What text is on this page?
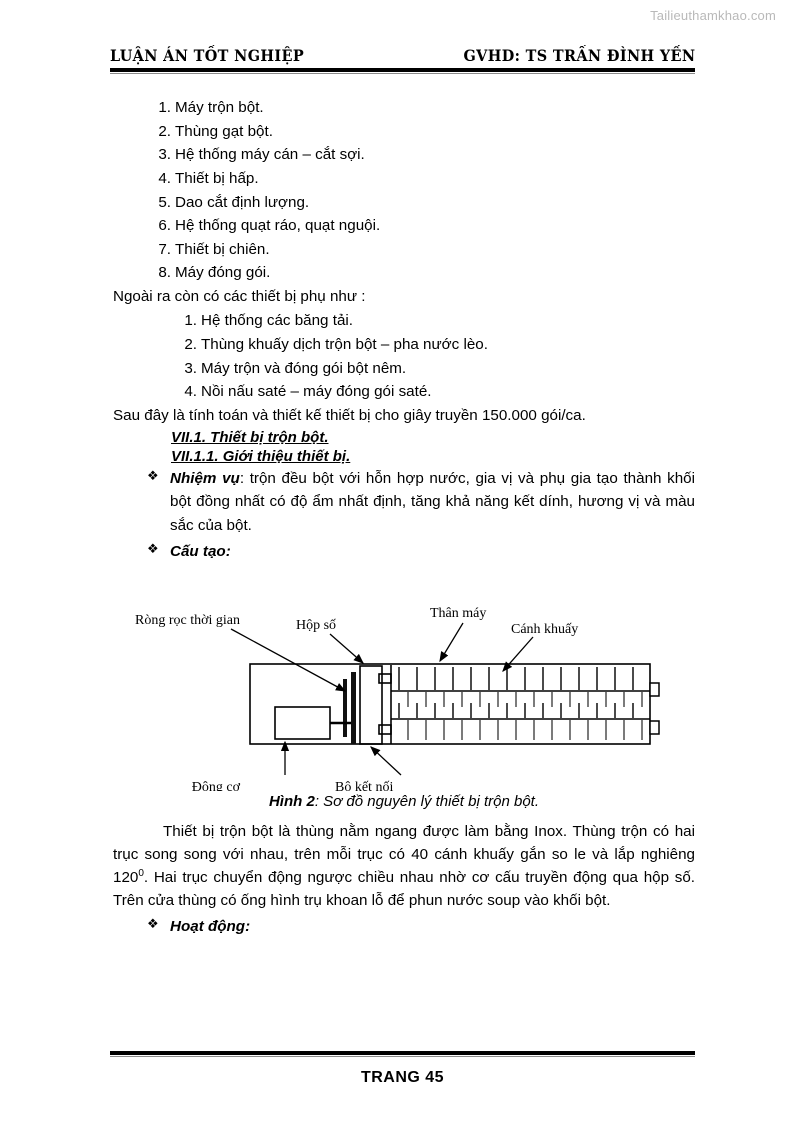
Tailieuthamkhao.com
LUẬN ÁN TỐT NGHIỆP	GVHD: TS TRẦN ĐÌNH YẾN
1. Máy trộn bột.
2. Thùng gạt bột.
3. Hệ thống máy cán – cắt sợi.
4. Thiết bị hấp.
5. Dao cắt định lượng.
6. Hệ thống quạt ráo, quạt nguội.
7. Thiết bị chiên.
8. Máy đóng gói.

Ngoài ra còn có các thiết bị phụ như :

1. Hệ thống các băng tải.
2. Thùng khuấy dịch trộn bột – pha nước lèo.
3. Máy trộn và đóng gói bột nêm.
4. Nồi nấu saté – máy đóng gói saté.

Sau đây là tính toán và thiết kế thiết bị cho giây truyền 150.000 gói/ca.

VII.1. Thiết bị trộn bột.
VII.1.1. Giới thiệu thiết bị.
❖ Nhiệm vụ: trộn đều bột với hỗn hợp nước, gia vị và phụ gia tạo thành khối bột đồng nhất có độ ẩm nhất định, tăng khả năng kết dính, hương vị và màu sắc của bột.
❖ Cấu tạo:
Ròng rọc thời gian	Hộp số
Thân máy
Cánh khuấy
Động cơ	Bộ kết nối
Hình 2: Sơ đồ nguyên lý thiết bị trộn bột.

Thiết bị trộn bột là thùng nằm ngang được làm bằng Inox. Thùng trộn có hai trục song song với nhau, trên mỗi trục có 40 cánh khuấy gắn so le và lắp nghiêng $120^0$. Hai trục chuyển động ngược chiều nhau nhờ cơ cấu truyền động qua hộp số. Trên cửa thùng có ống hình trụ khoan lỗ để phun nước soup vào khối bột.

❖ Hoạt động:
TRANG 45
